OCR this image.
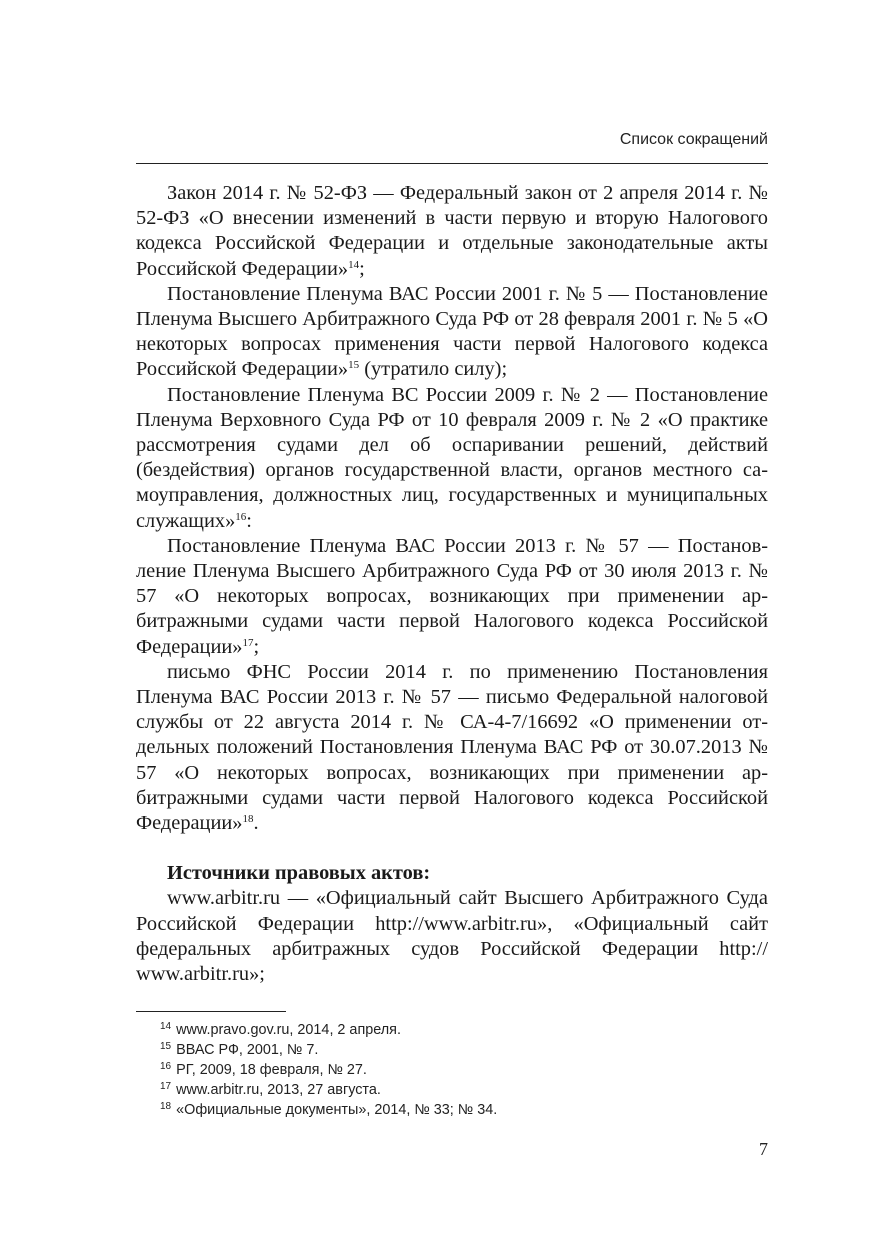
Список сокращений

Закон 2014 г. № 52-ФЗ — Федеральный закон от 2 апреля 2014 г. № 52-ФЗ «О внесении изменений в части первую и вторую Налогового кодекса Российской Федерации и отдельные законодательные акты Российской Федерации»$^{14}$;

Постановление Пленума ВАС России 2001 г. № 5 — Постановление Пленума Высшего Арбитражного Суда РФ от 28 февраля 2001 г. № 5 «О некоторых вопросах применения части первой Налогового кодекса Российской Федерации»$^{15}$ (утратило силу);

Постановление Пленума ВС России 2009 г. № 2 — Постановление Пленума Верховного Суда РФ от 10 февраля 2009 г. № 2 «О практике рассмотрения судами дел об оспаривании решений, действий (бездействия) органов государственной власти, органов местного самоуправления, должностных лиц, государственных и муниципальных служащих»$^{16}$:

Постановление Пленума ВАС России 2013 г. № 57 — Постановление Пленума Высшего Арбитражного Суда РФ от 30 июля 2013 г. № 57 «О некоторых вопросах, возникающих при применении арбитражными судами части первой Налогового кодекса Российской Федерации»$^{17}$;

письмо ФНС России 2014 г. по применению Постановления Пленума ВАС России 2013 г. № 57 — письмо Федеральной налоговой службы от 22 августа 2014 г. № СА-4-7/16692 «О применении отдельных положений Постановления Пленума ВАС РФ от 30.07.2013 № 57 «О некоторых вопросах, возникающих при применении арбитражными судами части первой Налогового кодекса Российской Федерации»$^{18}$.

Источники правовых актов:

www.arbitr.ru — «Официальный сайт Высшего Арбитражного Суда Российской Федерации http://www.arbitr.ru», «Официальный сайт федеральных арбитражных судов Российской Федерации http:// www.arbitr.ru»;

$^{14}$ www.pravo.gov.ru, 2014, 2 апреля.
$^{15}$ ВВАС РФ, 2001, № 7.
$^{16}$ РГ, 2009, 18 февраля, № 27.
$^{17}$ www.arbitr.ru, 2013, 27 августа.
$^{18}$ «Официальные документы», 2014, № 33; № 34.
7
